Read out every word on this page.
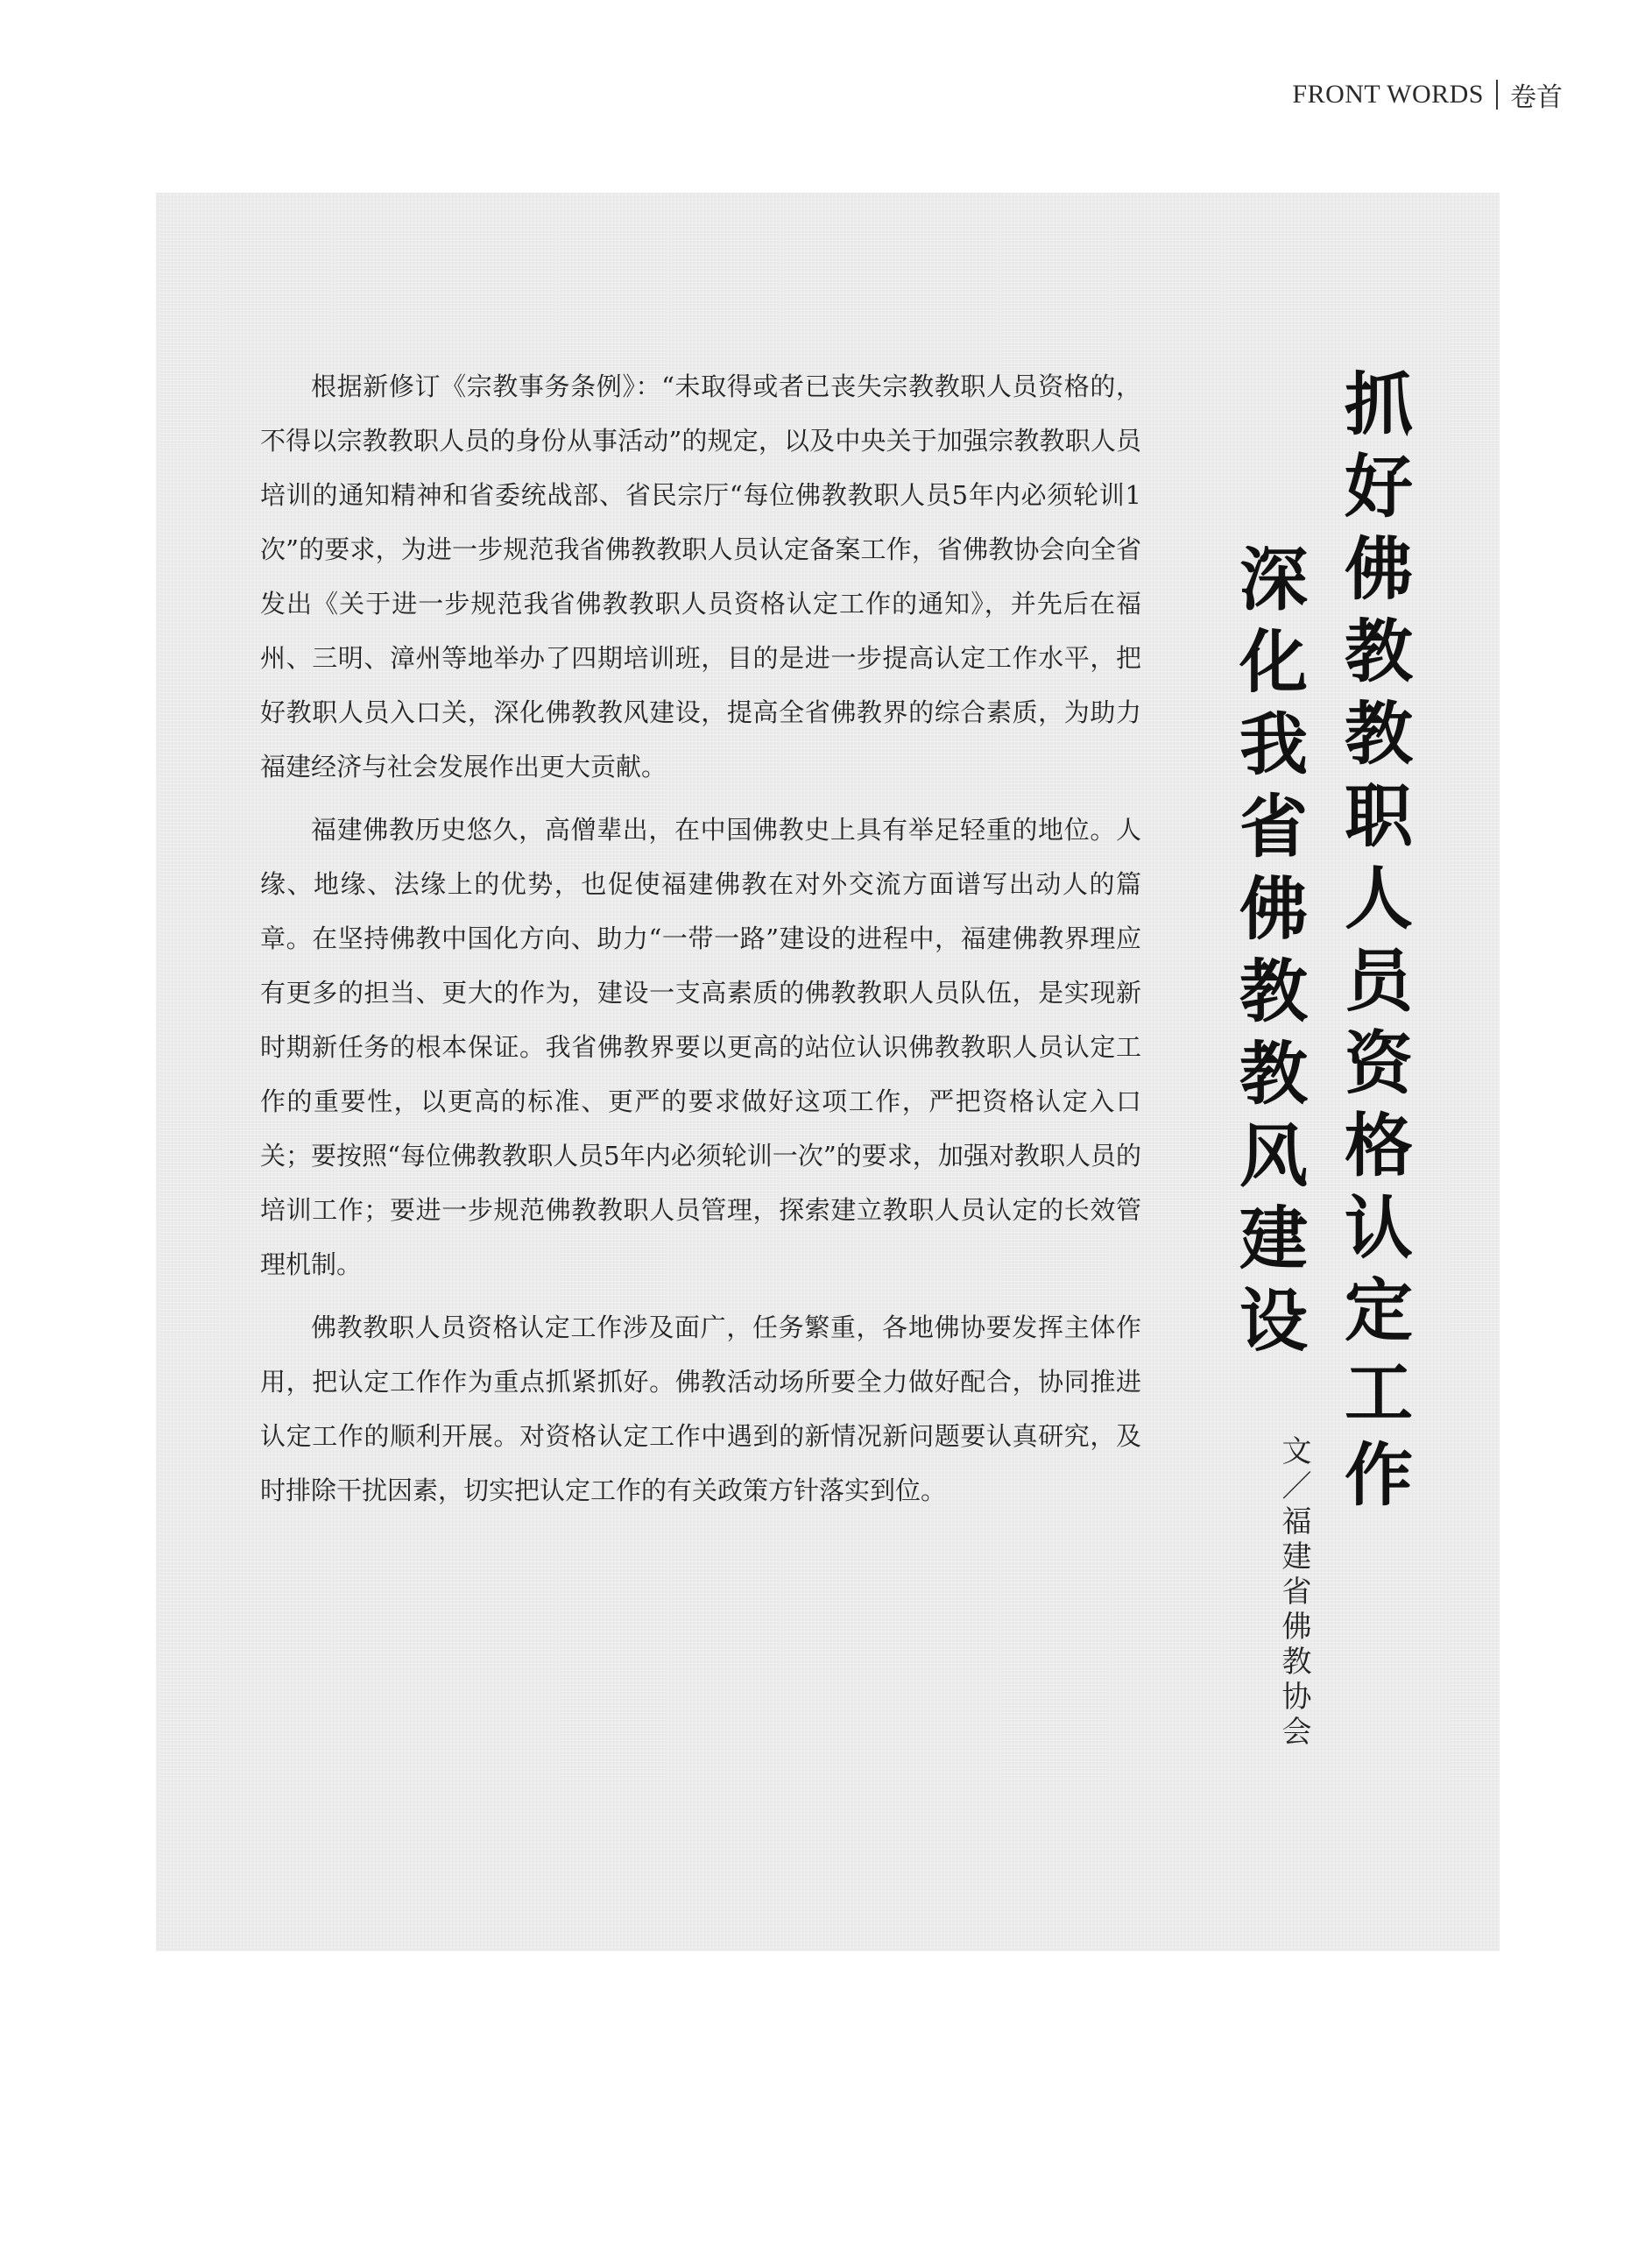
FRONT WORDS 卷首

根据新修订《宗教事务条例》：“未取得或者已丧失宗教教职人员资格的，不得以宗教教职人员的身份从事活动”的规定，以及中央关于加强宗教教职人员培训的通知精神和省委统战部、省民宗厅“每位佛教教职人员5年内必须轮训1次”的要求，为进一步规范我省佛教教职人员认定备案工作，省佛教协会向全省发出《关于进一步规范我省佛教教职人员资格认定工作的通知》，并先后在福州、三明、漳州等地举办了四期培训班，目的是进一步提高认定工作水平，把好教职人员入口关，深化佛教教风建设，提高全省佛教界的综合素质，为助力福建经济与社会发展作出更大贡献。

福建佛教历史悠久，高僧辈出，在中国佛教史上具有举足轻重的地位。人缘、地缘、法缘上的优势，也促使福建佛教在对外交流方面谱写出动人的篇章。在坚持佛教中国化方向、助力“一带一路”建设的进程中，福建佛教界理应有更多的担当、更大的作为，建设一支高素质的佛教教职人员队伍，是实现新时期新任务的根本保证。我省佛教界要以更高的站位认识佛教教职人员认定工作的重要性，以更高的标准、更严的要求做好这项工作，严把资格认定入口关；要按照“每位佛教教职人员5年内必须轮训一次”的要求，加强对教职人员的培训工作；要进一步规范佛教教职人员管理，探索建立教职人员认定的长效管理机制。

佛教教职人员资格认定工作涉及面广，任务繁重，各地佛协要发挥主体作用，把认定工作作为重点抓紧抓好。佛教活动场所要全力做好配合，协同推进认定工作的顺利开展。对资格认定工作中遇到的新情况新问题要认真研究，及时排除干扰因素，切实把认定工作的有关政策方针落实到位。	抓好佛教教职人员资格认定工作
深化我省佛教教风建设
文／福建省佛教协会
